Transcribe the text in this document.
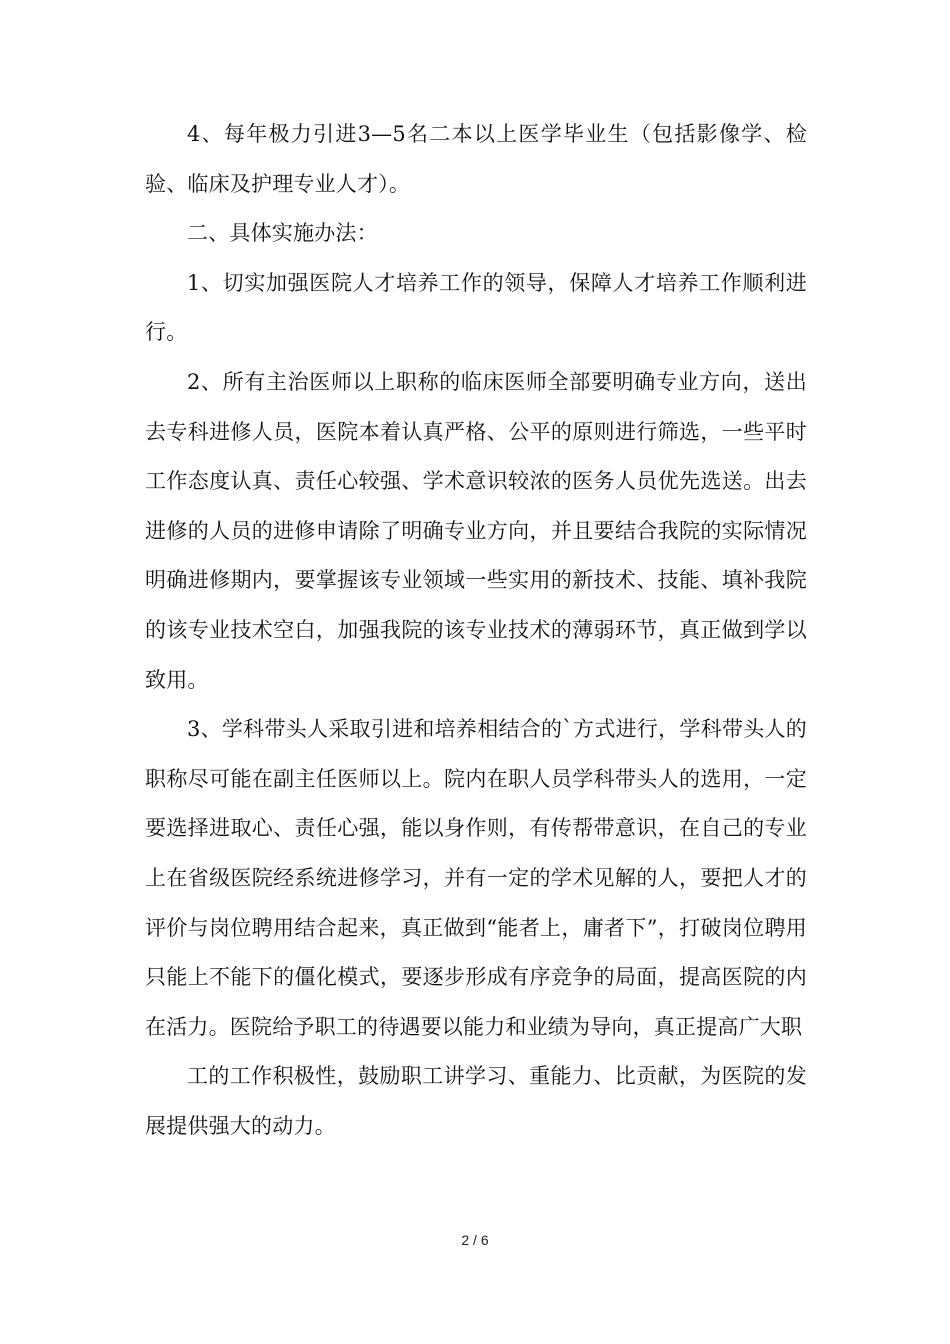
4、每年极力引进3—5名二本以上医学毕业生（包括影像学、检验、临床及护理专业人才）。

二、具体实施办法：

1、切实加强医院人才培养工作的领导，保障人才培养工作顺利进行。

2、所有主治医师以上职称的临床医师全部要明确专业方向，送出去专科进修人员，医院本着认真严格、公平的原则进行筛选，一些平时工作态度认真、责任心较强、学术意识较浓的医务人员优先选送。出去进修的人员的进修申请除了明确专业方向，并且要结合我院的实际情况明确进修期内，要掌握该专业领域一些实用的新技术、技能、填补我院的该专业技术空白，加强我院的该专业技术的薄弱环节，真正做到学以致用。

3、学科带头人采取引进和培养相结合的`方式进行，学科带头人的职称尽可能在副主任医师以上。院内在职人员学科带头人的选用，一定要选择进取心、责任心强，能以身作则，有传帮带意识，在自己的专业上在省级医院经系统进修学习，并有一定的学术见解的人，要把人才的评价与岗位聘用结合起来，真正做到“能者上，庸者下”，打破岗位聘用只能上不能下的僵化模式，要逐步形成有序竞争的局面，提高医院的内在活力。医院给予职工的待遇要以能力和业绩为导向，真正提高广大职

工的工作积极性，鼓励职工讲学习、重能力、比贡献，为医院的发展提供强大的动力。

2 / 6
